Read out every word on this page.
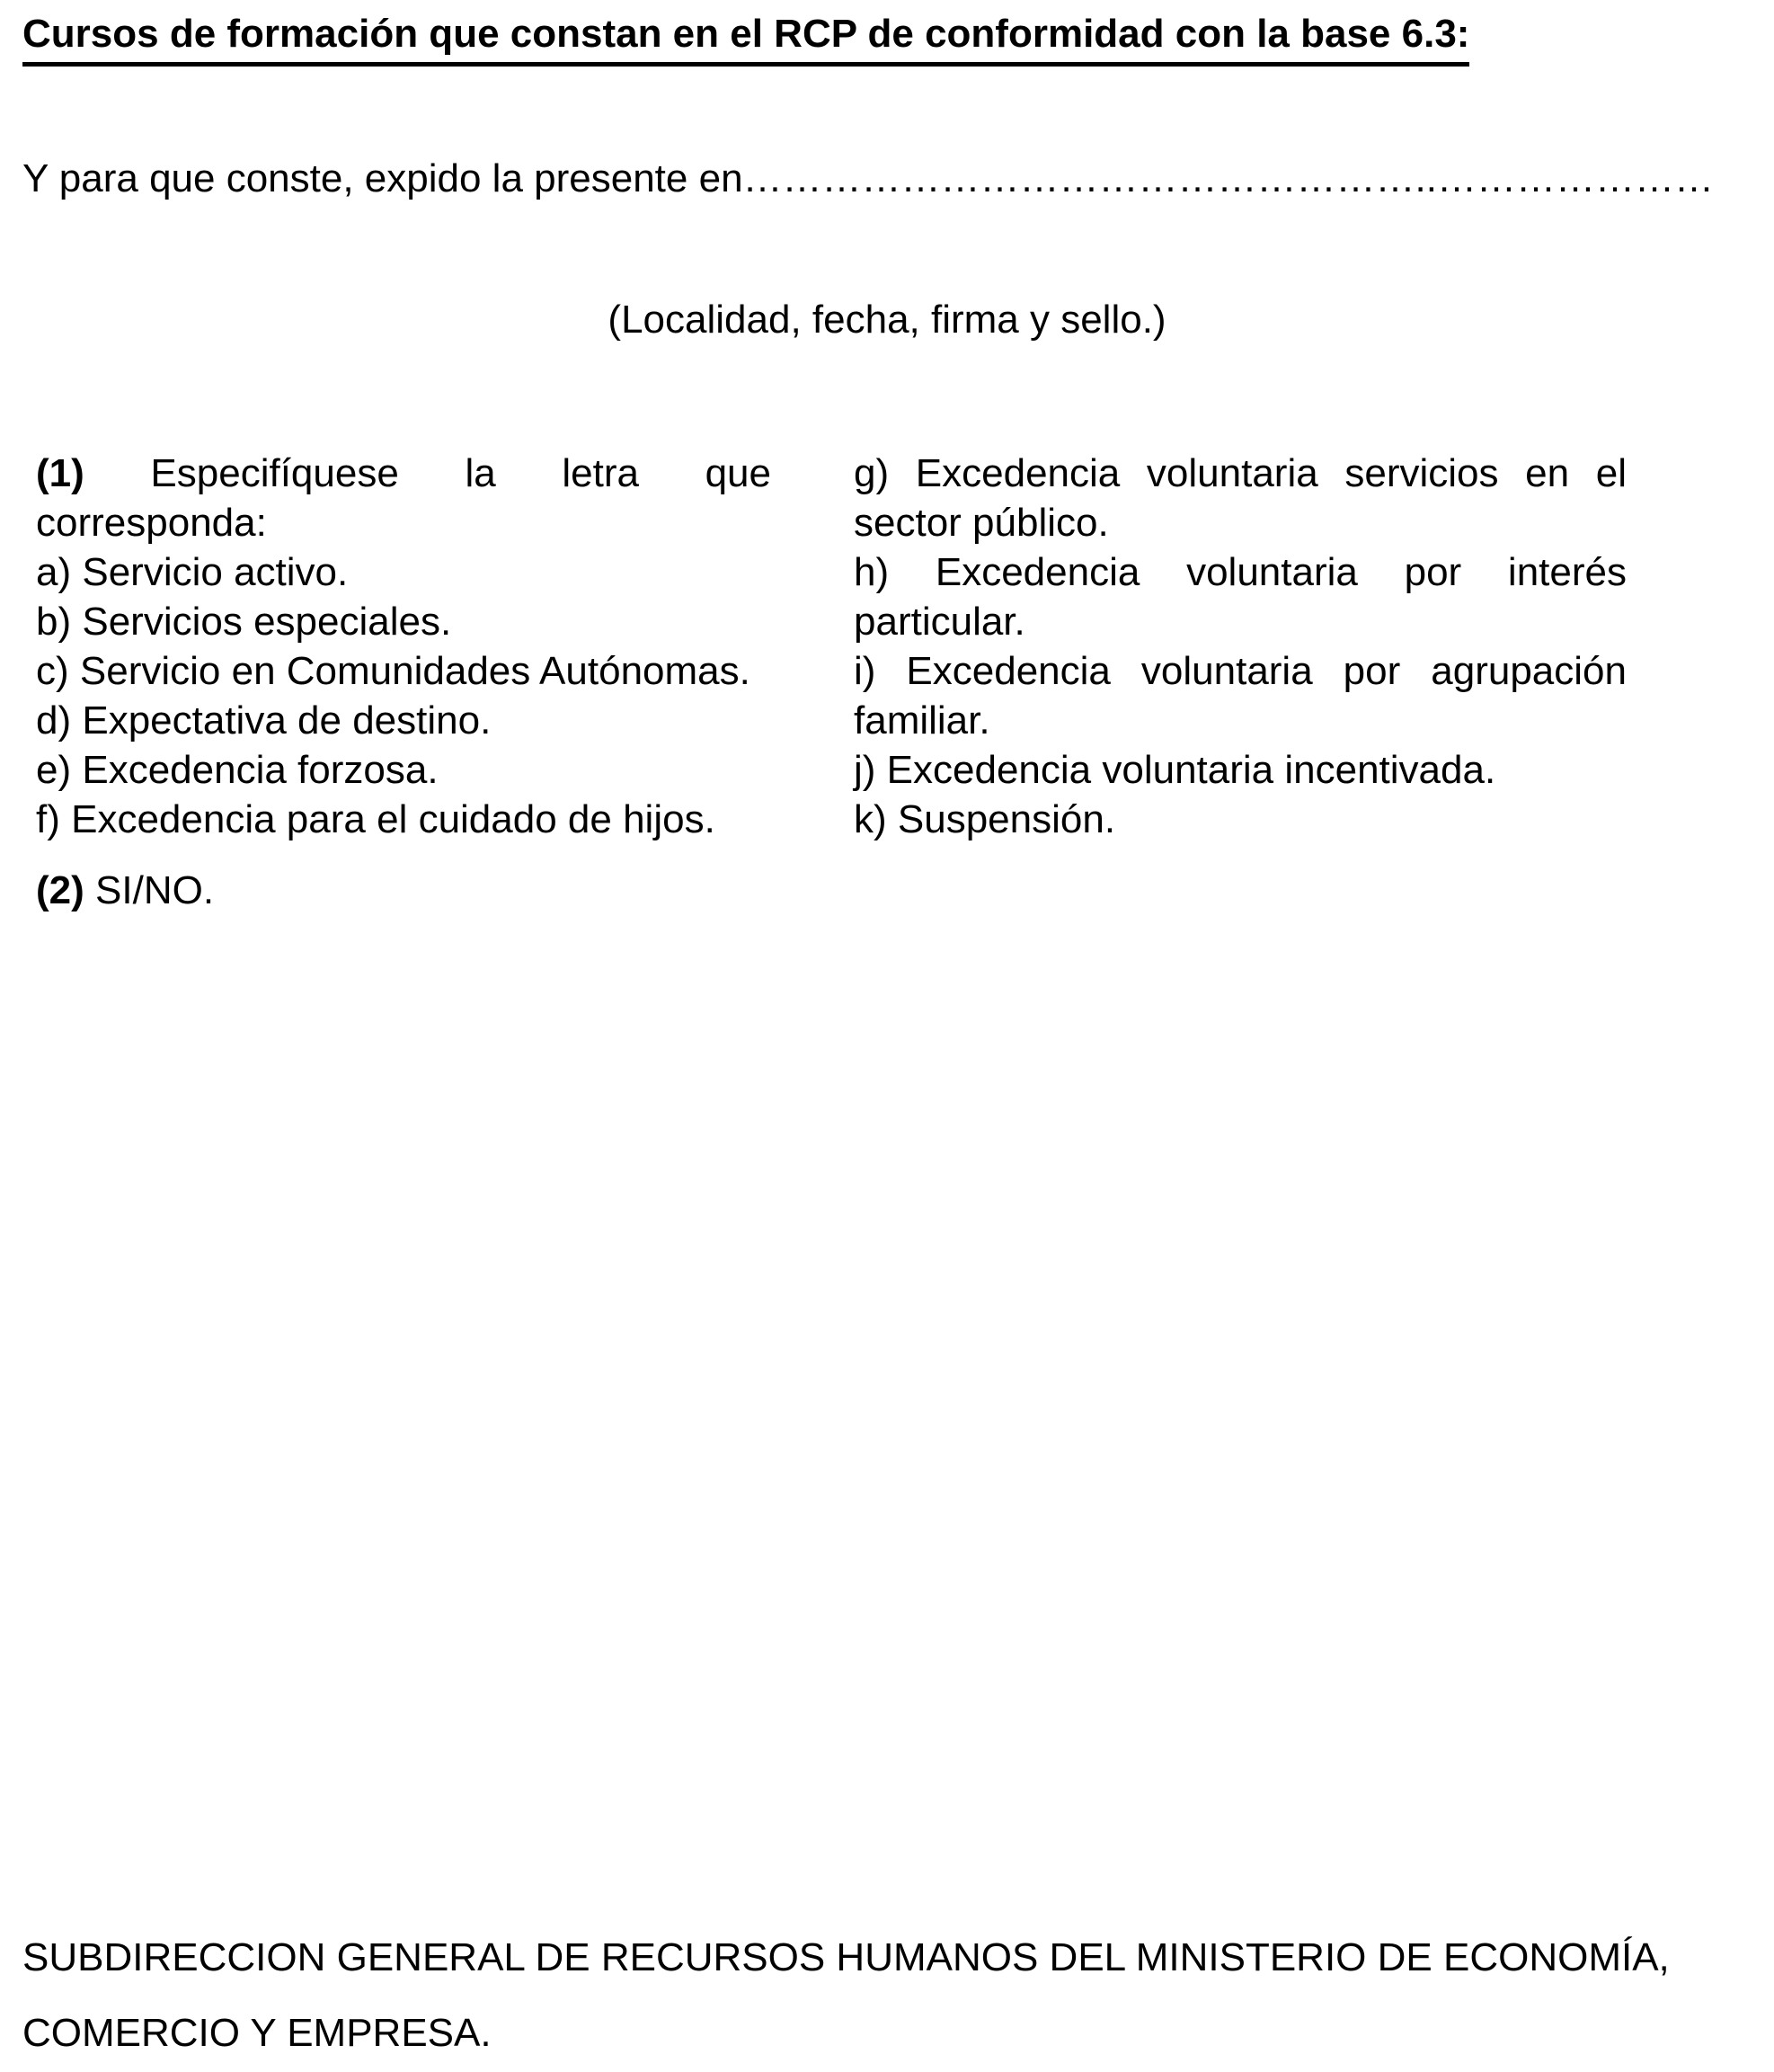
Cursos de formación que constan en el RCP de conformidad con la base 6.3:
Y para que conste, expido la presente en……………………………………………..…………………
(Localidad, fecha, firma y sello.)

(1) Especifíquese la letra que corresponda:

a) Servicio activo.

b) Servicios especiales.

c) Servicio en Comunidades Autónomas.

d) Expectativa de destino.

e) Excedencia forzosa.

f) Excedencia para el cuidado de hijos.

g) Excedencia voluntaria servicios en el sector público.

h) Excedencia voluntaria por interés particular.

i) Excedencia voluntaria por agrupación familiar.

j) Excedencia voluntaria incentivada.

k) Suspensión.

(2) SI/NO.
SUBDIRECCION GENERAL DE RECURSOS HUMANOS DEL MINISTERIO DE ECONOMÍA, COMERCIO Y EMPRESA.
